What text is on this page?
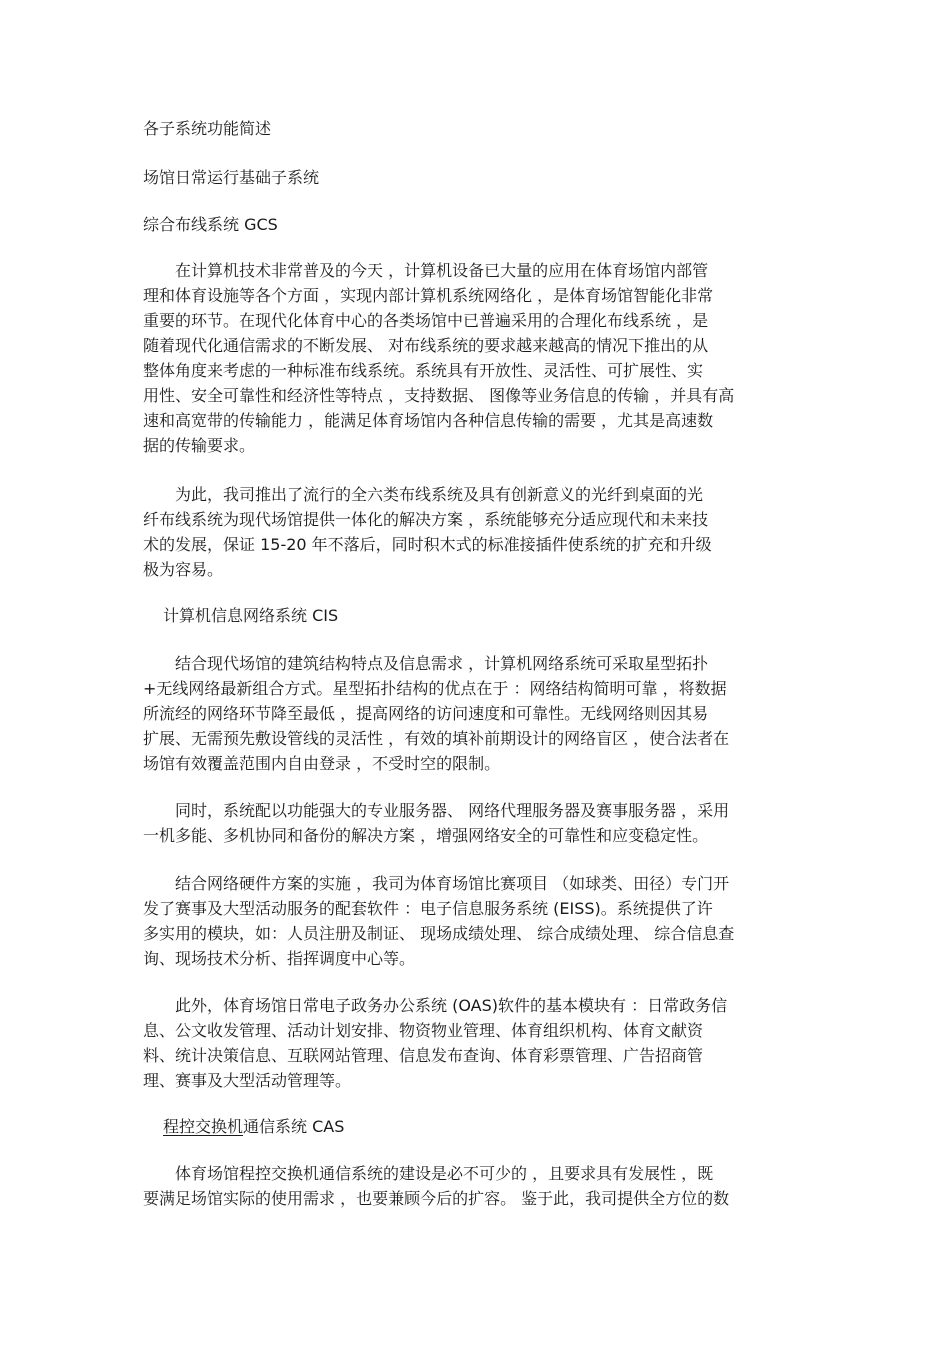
各子系统功能简述
场馆日常运行基础子系统
综合布线系统 GCS
　　在计算机技术非常普及的今天 ，计算机设备已大量的应用在体育场馆内部管
理和体育设施等各个方面 ，实现内部计算机系统网络化 ，是体育场馆智能化非常
重要的环节。在现代化体育中心的各类场馆中已普遍采用的合理化布线系统 ，是
随着现代化通信需求的不断发展、 对布线系统的要求越来越高的情况下推出的从
整体角度来考虑的一种标准布线系统。系统具有开放性、灵活性、可扩展性、实
用性、安全可靠性和经济性等特点 ，支持数据、 图像等业务信息的传输 ，并具有高
速和高宽带的传输能力 ，能满足体育场馆内各种信息传输的需要 ，尤其是高速数
据的传输要求。
　　为此，我司推出了流行的全六类布线系统及具有创新意义的光纤到桌面的光
纤布线系统为现代场馆提供一体化的解决方案 ，系统能够充分适应现代和未来技
术的发展，保证 15-20 年不落后，同时积木式的标准接插件使系统的扩充和升级
极为容易。
计算机信息网络系统 CIS
　　结合现代场馆的建筑结构特点及信息需求 ，计算机网络系统可采取星型拓扑
+无线网络最新组合方式。星型拓扑结构的优点在于 ：网络结构简明可靠 ，将数据
所流经的网络环节降至最低 ，提高网络的访问速度和可靠性。无线网络则因其易
扩展、无需预先敷设管线的灵活性 ，有效的填补前期设计的网络盲区 ，使合法者在
场馆有效覆盖范围内自由登录 ，不受时空的限制。
　　同时，系统配以功能强大的专业服务器、 网络代理服务器及赛事服务器 ，采用
一机多能、多机协同和备份的解决方案 ，增强网络安全的可靠性和应变稳定性。
　　结合网络硬件方案的实施 ，我司为体育场馆比赛项目 （如球类、田径）专门开
发了赛事及大型活动服务的配套软件 ：电子信息服务系统 (EISS)。系统提供了许
多实用的模块，如：人员注册及制证、 现场成绩处理、 综合成绩处理、 综合信息查
询、现场技术分析、指挥调度中心等。
　　此外，体育场馆日常电子政务办公系统 (OAS)软件的基本模块有 ：日常政务信
息、公文收发管理、活动计划安排、物资物业管理、体育组织机构、体育文献资
料、统计决策信息、互联网站管理、信息发布查询、体育彩票管理、广告招商管
理、赛事及大型活动管理等。
程控交换机通信系统 CAS
　　体育场馆程控交换机通信系统的建设是必不可少的 ，且要求具有发展性 ，既
要满足场馆实际的使用需求 ，也要兼顾今后的扩容。 鉴于此，我司提供全方位的数
